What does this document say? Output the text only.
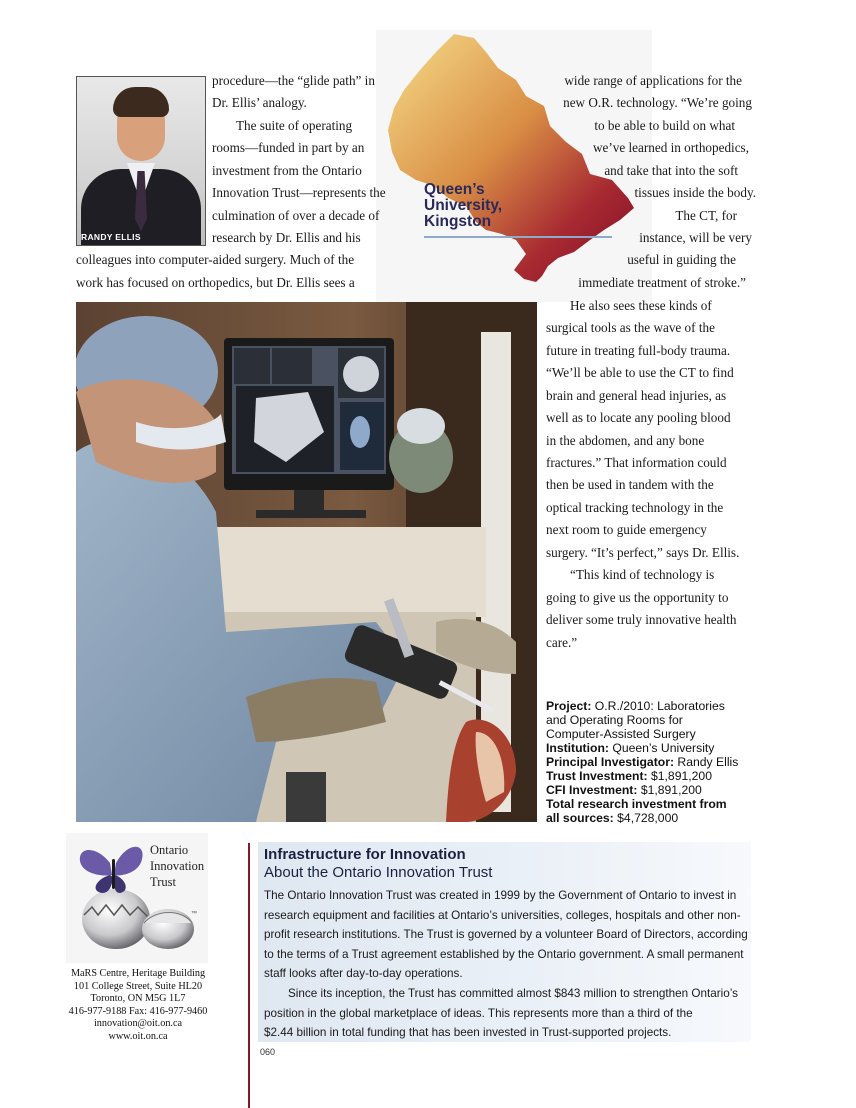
RANDY ELLIS
Queen’s
University,
Kingston
procedure—the “glide path” in
Dr. Ellis’ analogy.
The suite of operating
rooms—funded in part by an
investment from the Ontario
Innovation Trust—represents the
culmination of over a decade of
research by Dr. Ellis and his
colleagues into computer-aided surgery. Much of the
work has focused on orthopedics, but Dr. Ellis sees a
wide range of applications for the
new O.R. technology. “We’re going
to be able to build on what
we’ve learned in orthopedics,
and take that into the soft
tissues inside the body.
The CT, for
instance, will be very
useful in guiding the
immediate treatment of stroke.”
He also sees these kinds of
surgical tools as the wave of the
future in treating full-body trauma.
“We’ll be able to use the CT to find
brain and general head injuries, as
well as to locate any pooling blood
in the abdomen, and any bone
fractures.” That information could
then be used in tandem with the
optical tracking technology in the
next room to guide emergency
surgery. “It’s perfect,” says Dr. Ellis.
“This kind of technology is
going to give us the opportunity to
deliver some truly innovative health
care.”
Project: O.R./2010: Laboratories
and Operating Rooms for
Computer-Assisted Surgery
Institution: Queen’s University
Principal Investigator: Randy Ellis
Trust Investment: $1,891,200
CFI Investment: $1,891,200
Total research investment from
all sources: $4,728,000
Ontario
Innovation
Trust
™
MaRS Centre, Heritage Building
101 College Street, Suite HL20
Toronto, ON M5G 1L7
416-977-9188 Fax: 416-977-9460
innovation@oit.on.ca
www.oit.on.ca
Infrastructure for Innovation
About the Ontario Innovation Trust
The Ontario Innovation Trust was created in 1999 by the Government of Ontario to invest in
research equipment and facilities at Ontario’s universities, colleges, hospitals and other non-
profit research institutions. The Trust is governed by a volunteer Board of Directors, according
to the terms of a Trust agreement established by the Ontario government. A small permanent
staff looks after day-to-day operations.
Since its inception, the Trust has committed almost $843 million to strengthen Ontario’s
position in the global marketplace of ideas. This represents more than a third of the
$2.44 billion in total funding that has been invested in Trust-supported projects.
060
